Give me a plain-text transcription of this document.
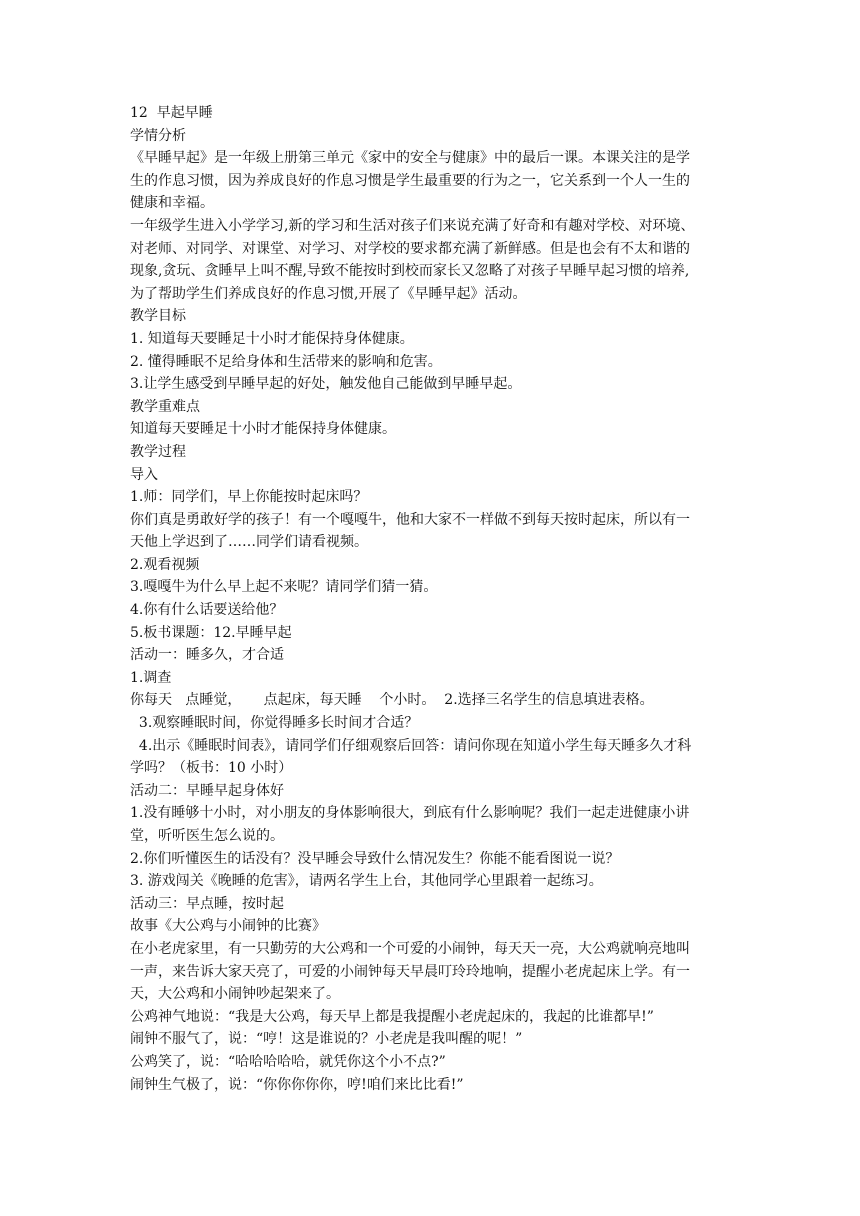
12  早起早睡

学情分析

《早睡早起》是一年级上册第三单元《家中的安全与健康》中的最后一课。本课关注的是学

生的作息习惯，因为养成良好的作息习惯是学生最重要的行为之一，它关系到一个人一生的

健康和幸福。

一年级学生进入小学学习,新的学习和生活对孩子们来说充满了好奇和有趣对学校、对环境、

对老师、对同学、对课堂、对学习、对学校的要求都充满了新鲜感。但是也会有不太和谐的

现象,贪玩、贪睡早上叫不醒,导致不能按时到校而家长又忽略了对孩子早睡早起习惯的培养,

为了帮助学生们养成良好的作息习惯,开展了《早睡早起》活动。

教学目标

1. 知道每天要睡足十小时才能保持身体健康。

2. 懂得睡眠不足给身体和生活带来的影响和危害。

3.让学生感受到早睡早起的好处，触发他自己能做到早睡早起。

教学重难点

知道每天要睡足十小时才能保持身体健康。

教学过程

导入

1.师：同学们，早上你能按时起床吗？

你们真是勇敢好学的孩子！有一个嘎嘎牛，他和大家不一样做不到每天按时起床，所以有一

天他上学迟到了……同学们请看视频。

2.观看视频

3.嘎嘎牛为什么早上起不来呢？请同学们猜一猜。

4.你有什么话要送给他？

5.板书课题：12.早睡早起

活动一：睡多久，才合适

1.调查

你每天   点睡觉，     点起床，每天睡    个小时。  2.选择三名学生的信息填进表格。

3.观察睡眠时间，你觉得睡多长时间才合适？

4.出示《睡眠时间表》，请同学们仔细观察后回答：请问你现在知道小学生每天睡多久才科

学吗？（板书：10 小时）

活动二：早睡早起身体好

1.没有睡够十小时，对小朋友的身体影响很大，到底有什么影响呢？我们一起走进健康小讲

堂，听听医生怎么说的。

2.你们听懂医生的话没有？没早睡会导致什么情况发生？你能不能看图说一说？

3. 游戏闯关《晚睡的危害》，请两名学生上台，其他同学心里跟着一起练习。

活动三：早点睡，按时起

故事《大公鸡与小闹钟的比赛》

在小老虎家里，有一只勤劳的大公鸡和一个可爱的小闹钟，每天天一亮，大公鸡就响亮地叫

一声，来告诉大家天亮了，可爱的小闹钟每天早晨叮玲玲地响，提醒小老虎起床上学。有一

天，大公鸡和小闹钟吵起架来了。

公鸡神气地说：“我是大公鸡，每天早上都是我提醒小老虎起床的，我起的比谁都早!”

闹钟不服气了，说：“哼！这是谁说的？小老虎是我叫醒的呢！”

公鸡笑了，说：“哈哈哈哈哈，就凭你这个小不点?”

闹钟生气极了，说：“你你你你你，哼!咱们来比比看!”
